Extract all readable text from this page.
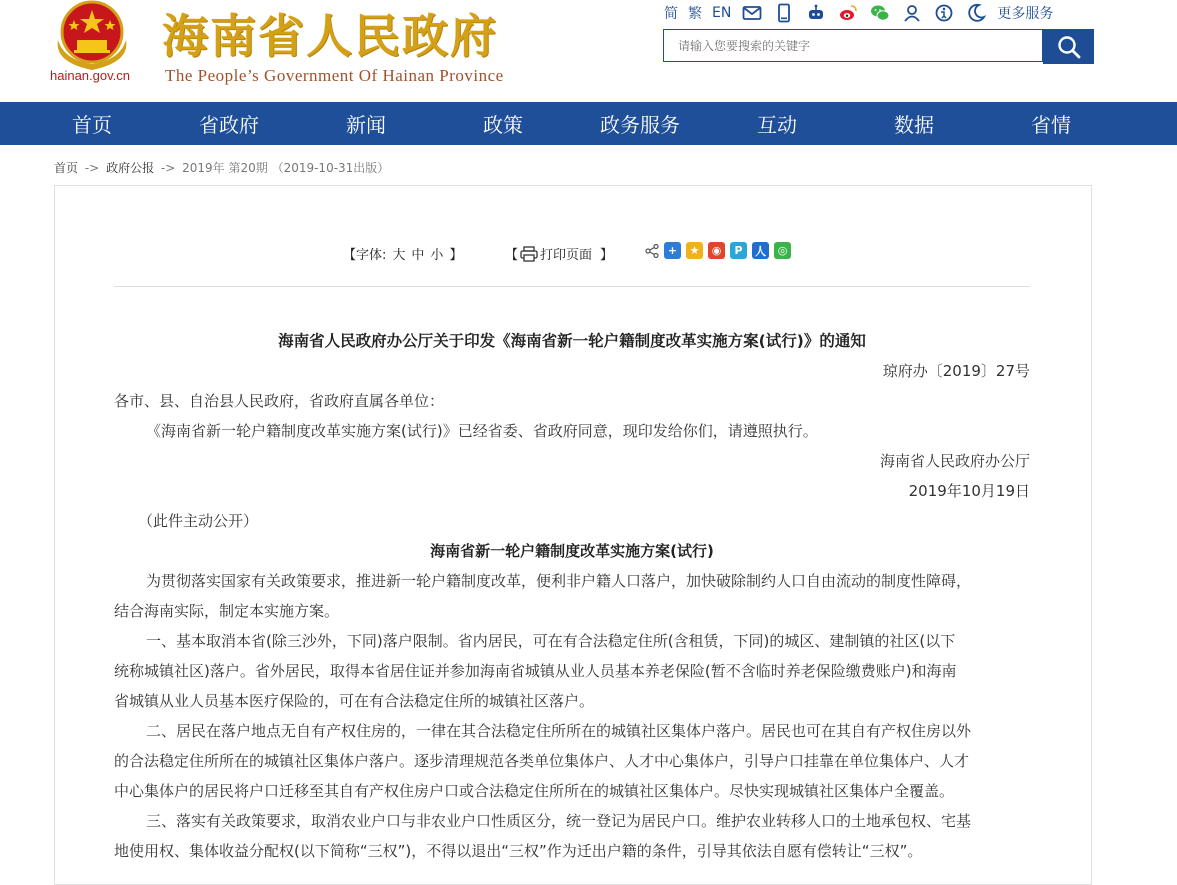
hainan.gov.cn
海南省人民政府
The People’s Government Of Hainan Province
简 繁 EN	更多服务
请输入您要搜索的关键字
首页	省政府	新闻	政策	政务服务	互动	数据	省情
首页 -> 政府公报 -> 2019年 第20期 （2019-10-31出版）
【字体: 大 中 小 】	【 打印页面 】	+	★	◉	P	人	◎
海南省人民政府办公厅关于印发《海南省新一轮户籍制度改革实施方案(试行)》的通知
琼府办〔2019〕27号
各市、县、自治县人民政府，省政府直属各单位：
《海南省新一轮户籍制度改革实施方案(试行)》已经省委、省政府同意，现印发给你们，请遵照执行。
海南省人民政府办公厅
2019年10月19日
（此件主动公开）
海南省新一轮户籍制度改革实施方案(试行)
为贯彻落实国家有关政策要求，推进新一轮户籍制度改革，便利非户籍人口落户，加快破除制约人口自由流动的制度性障碍，
结合海南实际，制定本实施方案。
一、基本取消本省(除三沙外，下同)落户限制。省内居民，可在有合法稳定住所(含租赁，下同)的城区、建制镇的社区(以下
统称城镇社区)落户。省外居民，取得本省居住证并参加海南省城镇从业人员基本养老保险(暂不含临时养老保险缴费账户)和海南
省城镇从业人员基本医疗保险的，可在有合法稳定住所的城镇社区落户。
二、居民在落户地点无自有产权住房的，一律在其合法稳定住所所在的城镇社区集体户落户。居民也可在其自有产权住房以外
的合法稳定住所所在的城镇社区集体户落户。逐步清理规范各类单位集体户、人才中心集体户，引导户口挂靠在单位集体户、人才
中心集体户的居民将户口迁移至其自有产权住房户口或合法稳定住所所在的城镇社区集体户。尽快实现城镇社区集体户全覆盖。
三、落实有关政策要求，取消农业户口与非农业户口性质区分，统一登记为居民户口。维护农业转移人口的土地承包权、宅基
地使用权、集体收益分配权(以下简称“三权”)，不得以退出“三权”作为迁出户籍的条件，引导其依法自愿有偿转让“三权”。
